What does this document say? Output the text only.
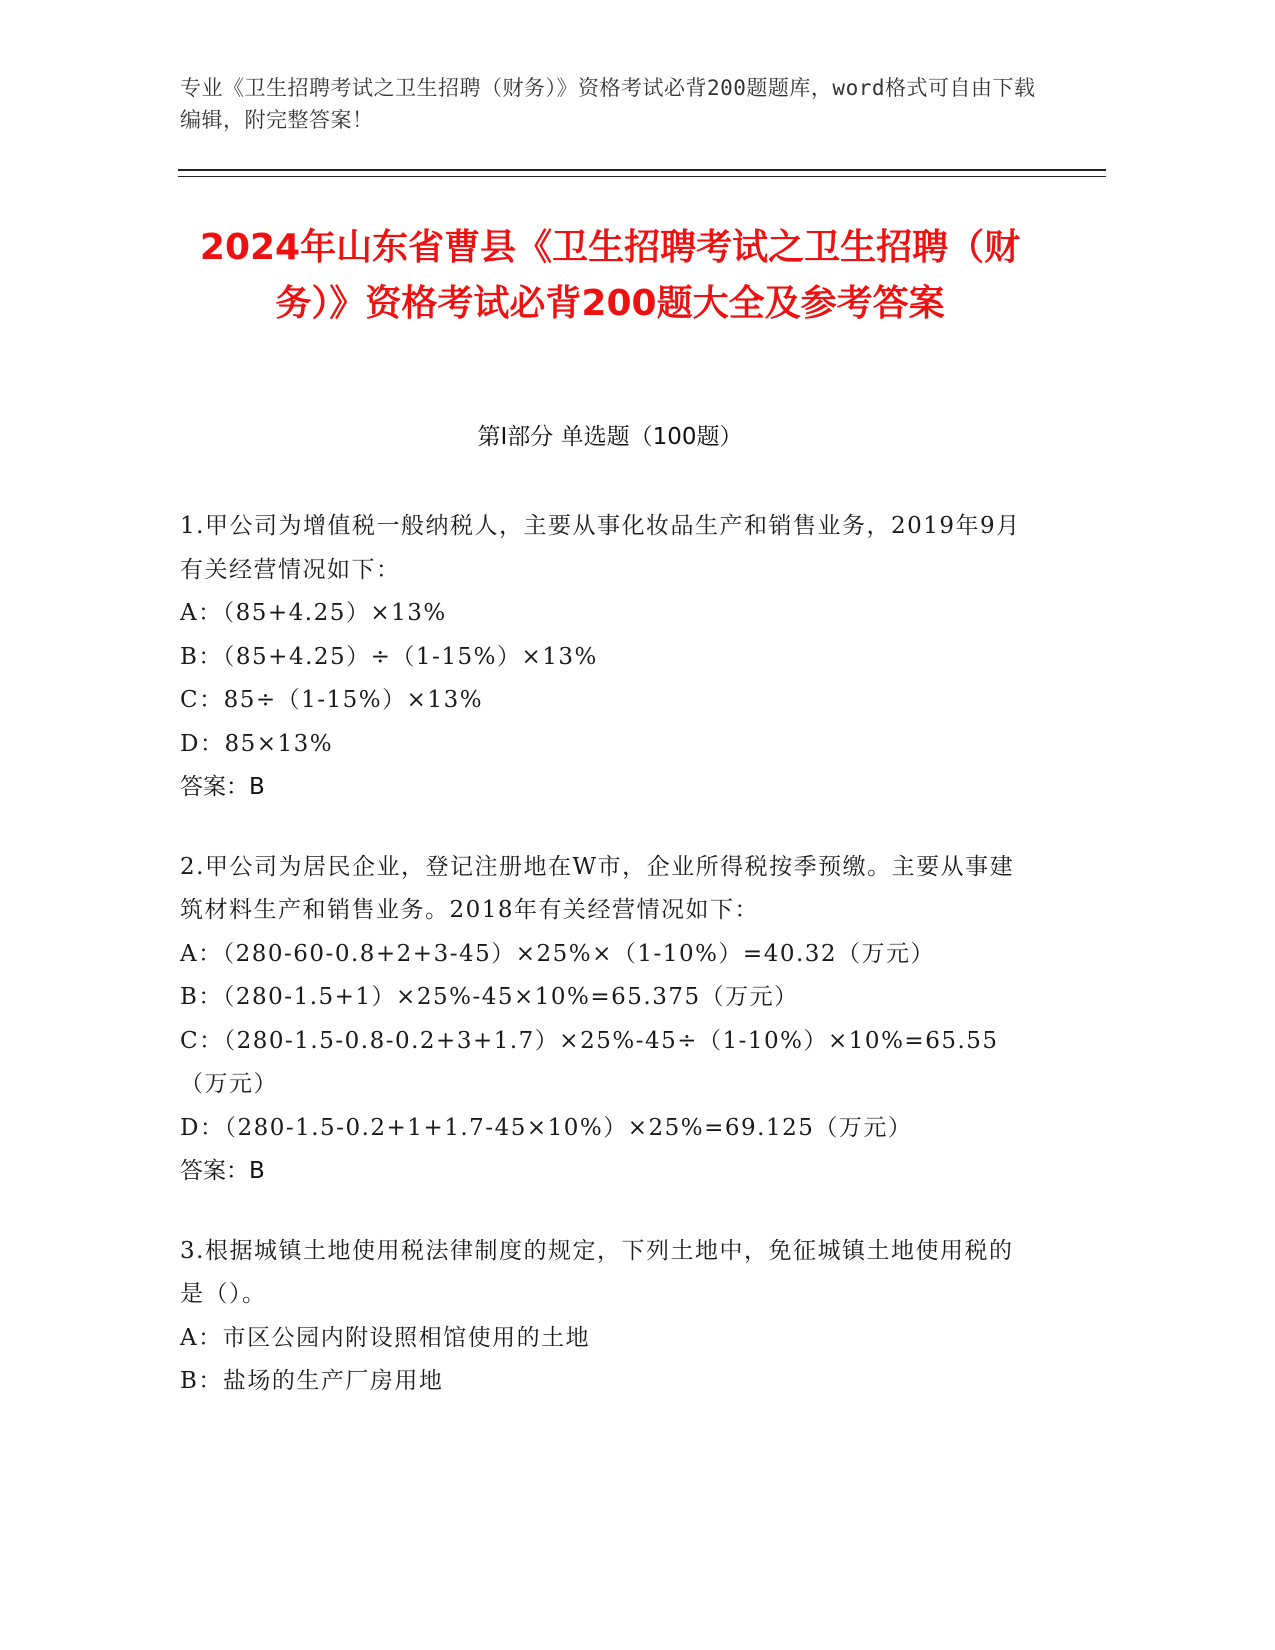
专业《卫生招聘考试之卫生招聘（财务）》资格考试必背200题题库，word格式可自由下载编辑，附完整答案！
2024年山东省曹县《卫生招聘考试之卫生招聘（财务）》资格考试必背200题大全及参考答案
第I部分 单选题（100题）
1.甲公司为增值税一般纳税人，主要从事化妆品生产和销售业务，2019年9月有关经营情况如下：
A：（85+4.25）×13%
B：（85+4.25）÷（1-15%）×13%
C：85÷（1-15%）×13%
D：85×13%
答案：B
2.甲公司为居民企业，登记注册地在W市，企业所得税按季预缴。主要从事建筑材料生产和销售业务。2018年有关经营情况如下：
A：（280-60-0.8+2+3-45）×25%×（1-10%）=40.32（万元）
B：（280-1.5+1）×25%-45×10%=65.375（万元）
C：（280-1.5-0.8-0.2+3+1.7）×25%-45÷（1-10%）×10%=65.55（万元）
D：（280-1.5-0.2+1+1.7-45×10%）×25%=69.125（万元）
答案：B
3.根据城镇土地使用税法律制度的规定，下列土地中，免征城镇土地使用税的是（）。
A：市区公园内附设照相馆使用的土地
B：盐场的生产厂房用地
